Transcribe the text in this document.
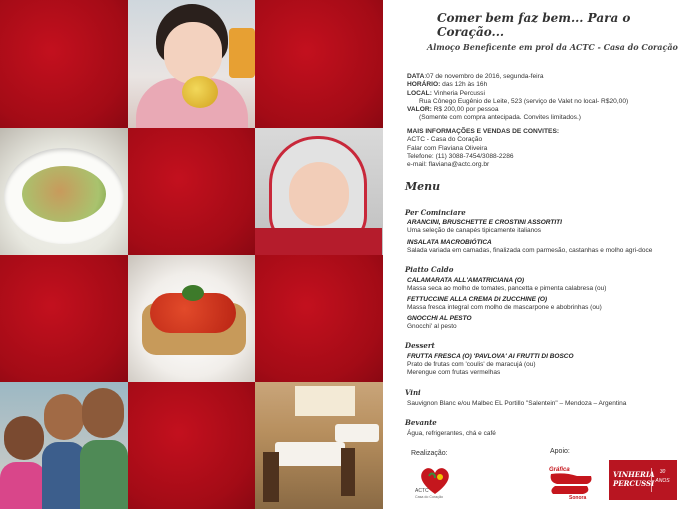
Comer bem faz bem... Para o Coração...
Almoço Beneficente em prol da ACTC - Casa do Coração
DATA:07 de novembro de 2016, segunda-feira
HORÁRIO: das 12h às 16h
LOCAL: Vinheria Percussi
Rua Cônego Eugênio de Leite, 523 (serviço de Valet no local- R$20,00)
VALOR: R$ 200,00 por pessoa
(Somente com compra antecipada. Convites limitados.)
MAIS INFORMAÇÕES E VENDAS DE CONVITES:
ACTC - Casa do Coração
Falar com Flaviana Oliveira
Telefone: (11) 3088-7454/3088-2286
e-mail: flaviana@actc.org.br
Menu
Per Cominciare
ARANCINI, BRUSCHETTE E CROSTINI ASSORTITI
Uma seleção de canapés tipicamente italianos
INSALATA MACROBIÓTICA
Salada variada em camadas, finalizada com parmesão, castanhas e molho agri-doce
Piatto Caldo
CALAMARATA ALL'AMATRICIANA (O)
Massa seca ao molho de tomates, pancetta e pimenta calabresa (ou)
FETTUCCINE ALLA CREMA DI ZUCCHINE (O)
Massa fresca integral com molho de mascarpone e abobrinhas (ou)
GNOCCHI AL PESTO
Gnocchi' al pesto
Dessert
FRUTTA FRESCA (O) 'PAVLOVA' AI FRUTTI DI BOSCO
Prato de frutas com 'coulis' de maracujá (ou)
Merengue com frutas vermelhas
Vini
Sauvignon Blanc e/ou Malbec EL Portillo "Salentein" – Mendoza – Argentina
Bevante
Água, refrigerantes, chá e café
Realização:	Apoio:
ACTC
Casa do Coração
Gráfica
Sonora
VINHERIA
PERCUSSI
30
ANOS
